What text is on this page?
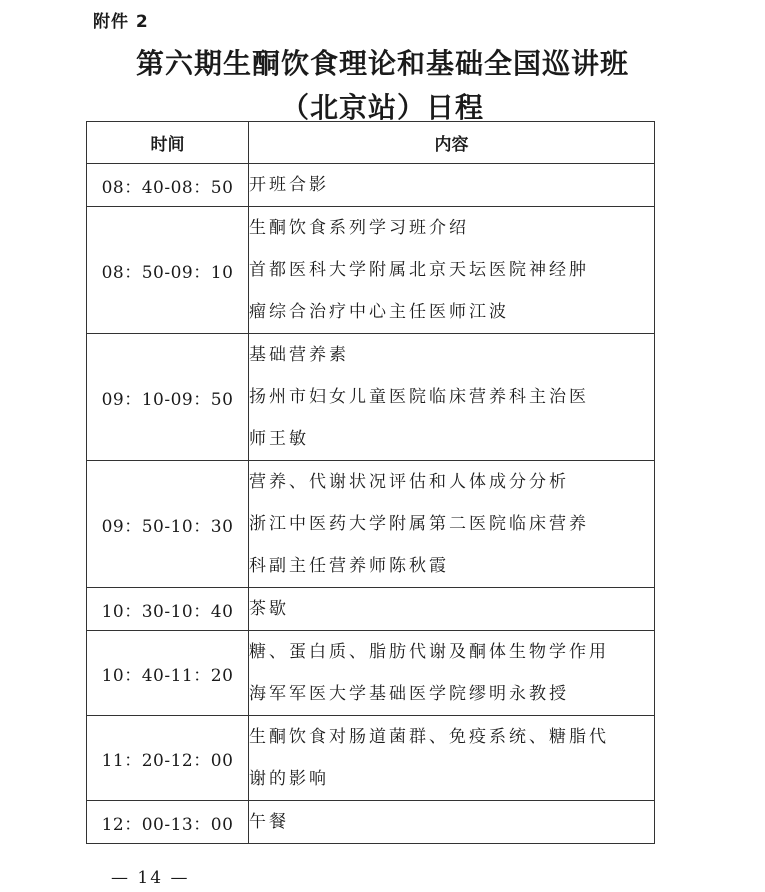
附件 2
第六期生酮饮食理论和基础全国巡讲班
（北京站）日程
时间	内容
08：40-08：50	开班合影

08：50-09：10	生酮饮食系列学习班介绍
首都医科大学附属北京天坛医院神经肿
瘤综合治疗中心主任医师江波

09：10-09：50	基础营养素
扬州市妇女儿童医院临床营养科主治医
师王敏

09：50-10：30	营养、代谢状况评估和人体成分分析
浙江中医药大学附属第二医院临床营养
科副主任营养师陈秋霞

10：30-10：40	茶歇

10：40-11：20	糖、蛋白质、脂肪代谢及酮体生物学作用
海军军医大学基础医学院缪明永教授

11：20-12：00	生酮饮食对肠道菌群、免疫系统、糖脂代
谢的影响

12：00-13：00	午餐
— 14 —
